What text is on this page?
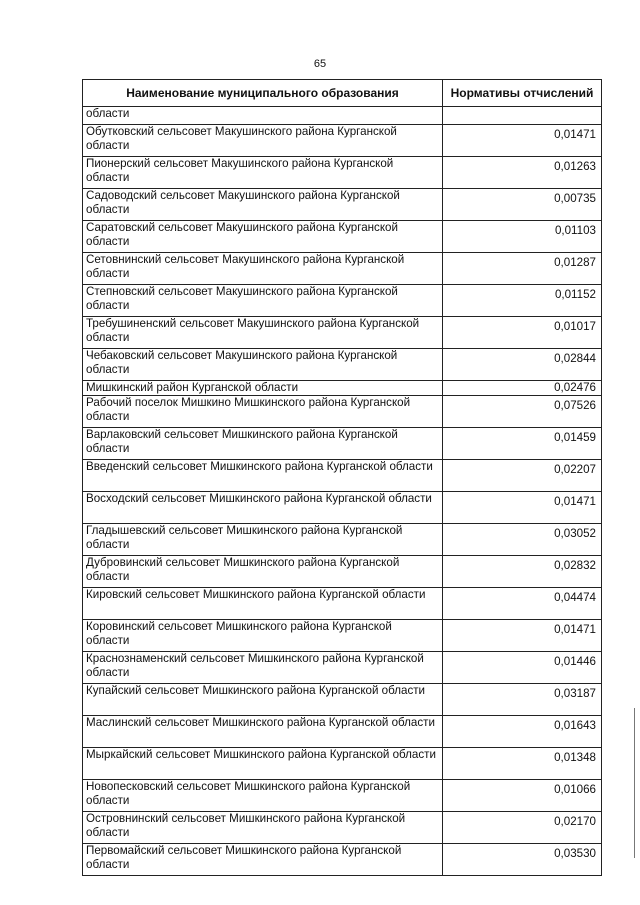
65
Наименование муниципального образования	Нормативы отчислений
области	
Обутковский сельсовет Макушинского района Курганской области	0,01471
Пионерский сельсовет Макушинского района Курганской области	0,01263
Садоводский сельсовет Макушинского района Курганской области	0,00735
Саратовский сельсовет Макушинского района Курганской области	0,01103
Сетовнинский сельсовет Макушинского района Курганской области	0,01287
Степновский сельсовет Макушинского района Курганской области	0,01152
Требушиненский сельсовет Макушинского района Курганской области	0,01017
Чебаковский сельсовет Макушинского района Курганской области	0,02844
Мишкинский район Курганской области	0,02476
Рабочий поселок Мишкино Мишкинского района Курганской области	0,07526
Варлаковский сельсовет Мишкинского района Курганской области	0,01459
Введенский сельсовет Мишкинского района Курганской области	0,02207
Восходский сельсовет Мишкинского района Курганской области	0,01471
Гладышевский сельсовет Мишкинского района Курганской области	0,03052
Дубровинский сельсовет Мишкинского района Курганской области	0,02832
Кировский сельсовет Мишкинского района Курганской области	0,04474
Коровинский сельсовет Мишкинского района Курганской области	0,01471
Краснознаменский сельсовет Мишкинского района Курганской области	0,01446
Купайский сельсовет Мишкинского района Курганской области	0,03187
Маслинский сельсовет Мишкинского района Курганской области	0,01643
Мыркайский сельсовет Мишкинского района Курганской области	0,01348
Новопесковский сельсовет Мишкинского района Курганской области	0,01066
Островнинский сельсовет Мишкинского района Курганской области	0,02170
Первомайский сельсовет Мишкинского района Курганской области	0,03530
